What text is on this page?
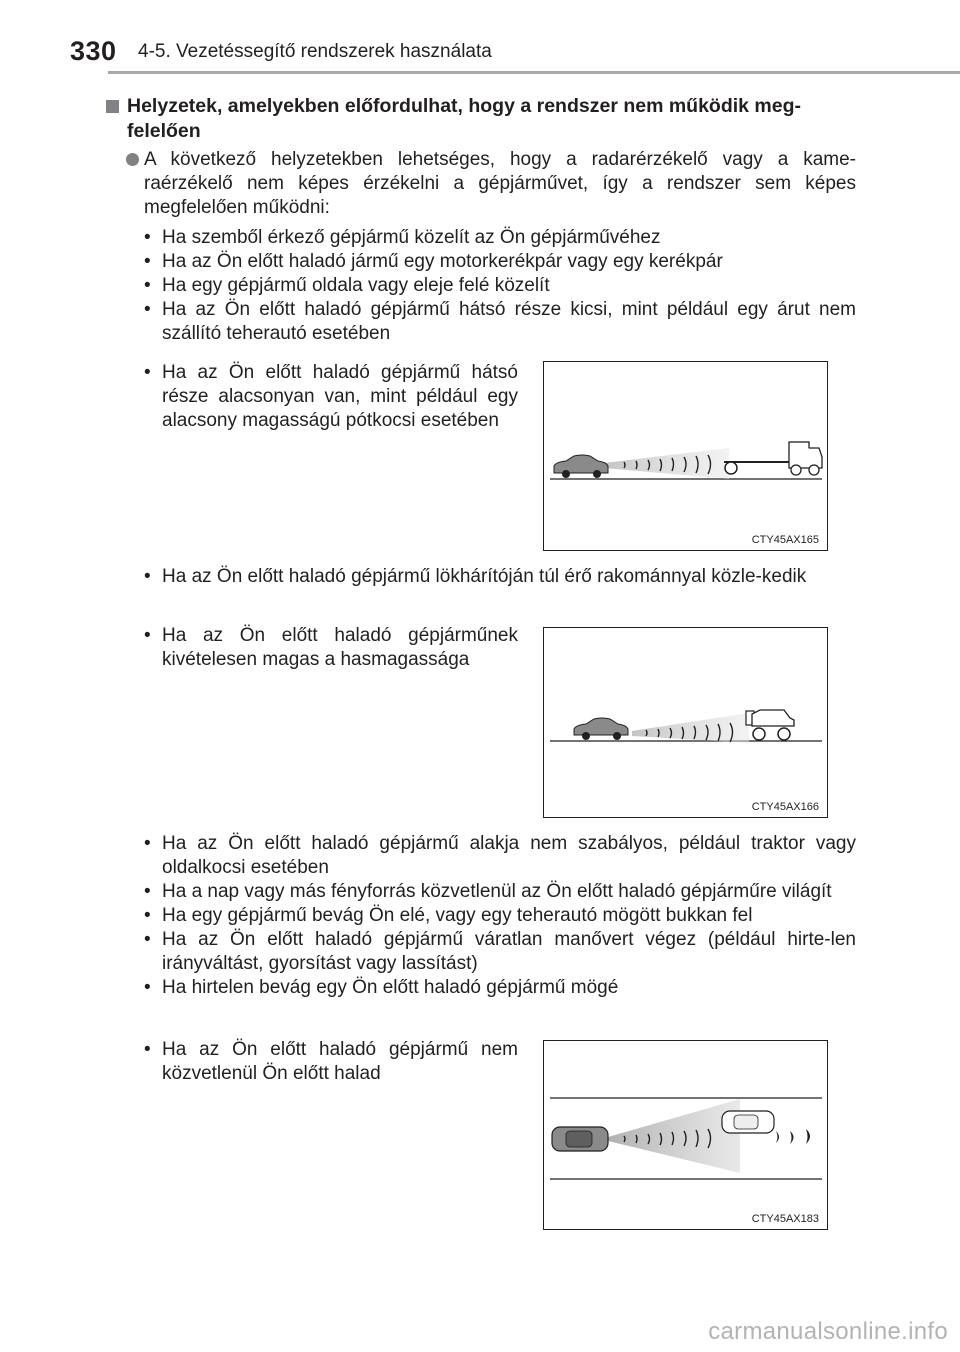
330 4-5. Vezetéssegítő rendszerek használata
Helyzetek, amelyekben előfordulhat, hogy a rendszer nem működik meg-
felelően
A következő helyzetekben lehetséges, hogy a radarérzékelő vagy a kame-raérzékelő nem képes érzékelni a gépjárművet, így a rendszer sem képes megfelelően működni:
• Ha szemből érkező gépjármű közelít az Ön gépjárművéhez
• Ha az Ön előtt haladó jármű egy motorkerékpár vagy egy kerékpár
• Ha egy gépjármű oldala vagy eleje felé közelít
• Ha az Ön előtt haladó gépjármű hátsó része kicsi, mint például egy árut nem szállító teherautó esetében
• Ha az Ön előtt haladó gépjármű hátsó része alacsonyan van, mint például egy alacsony magasságú pótkocsi esetében
CTY45AX165
• Ha az Ön előtt haladó gépjármű lökhárítóján túl érő rakománnyal közle-kedik
• Ha az Ön előtt haladó gépjárműnek kivételesen magas a hasmagassága
CTY45AX166
• Ha az Ön előtt haladó gépjármű alakja nem szabályos, például traktor vagy oldalkocsi esetében
• Ha a nap vagy más fényforrás közvetlenül az Ön előtt haladó gépjárműre világít
• Ha egy gépjármű bevág Ön elé, vagy egy teherautó mögött bukkan fel
• Ha az Ön előtt haladó gépjármű váratlan manővert végez (például hirte-len irányváltást, gyorsítást vagy lassítást)
• Ha hirtelen bevág egy Ön előtt haladó gépjármű mögé
• Ha az Ön előtt haladó gépjármű nem közvetlenül Ön előtt halad
CTY45AX183
carmanualsonline.info
